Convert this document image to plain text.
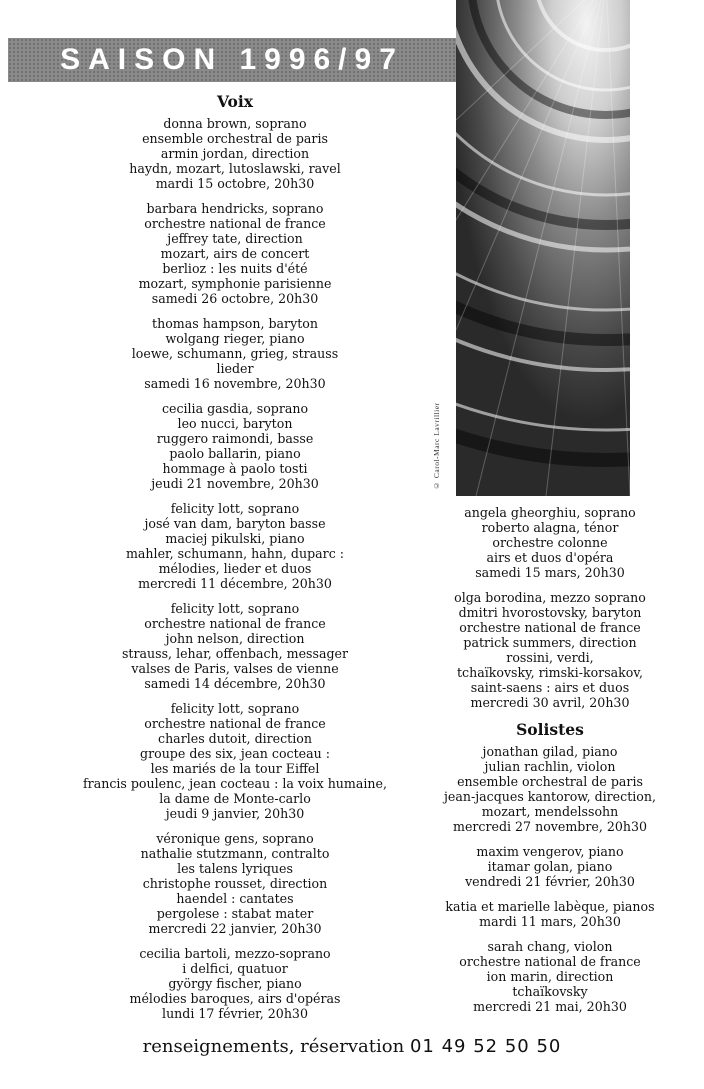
SAISON 1996/97
© Carol-Marc Lavrillier
Voix
donna brown, soprano
ensemble orchestral de paris
armin jordan, direction
haydn, mozart, lutoslawski, ravel
mardi 15 octobre, 20h30
barbara hendricks, soprano
orchestre national de france
jeffrey tate, direction
mozart, airs de concert
berlioz : les nuits d'été
mozart, symphonie parisienne
samedi 26 octobre, 20h30
thomas hampson, baryton
wolgang rieger, piano
loewe, schumann, grieg, strauss
lieder
samedi 16 novembre, 20h30
cecilia gasdia, soprano
leo nucci, baryton
ruggero raimondi, basse
paolo ballarin, piano
hommage à paolo tosti
jeudi 21 novembre, 20h30
felicity lott, soprano
josé van dam, baryton basse
maciej pikulski, piano
mahler, schumann, hahn, duparc :
mélodies, lieder et duos
mercredi 11 décembre, 20h30
felicity lott, soprano
orchestre national de france
john nelson, direction
strauss, lehar, offenbach, messager
valses de Paris, valses de vienne
samedi 14 décembre, 20h30
felicity lott, soprano
orchestre national de france
charles dutoit, direction
groupe des six, jean cocteau :
les mariés de la tour Eiffel
francis poulenc, jean cocteau : la voix humaine,
la dame de Monte-carlo
jeudi 9 janvier, 20h30
véronique gens, soprano
nathalie stutzmann, contralto
les talens lyriques
christophe rousset, direction
haendel : cantates
pergolese : stabat mater
mercredi 22 janvier, 20h30
cecilia bartoli, mezzo-soprano
i delfici, quatuor
györgy fischer, piano
mélodies baroques, airs d'opéras
lundi 17 février, 20h30
angela gheorghiu, soprano
roberto alagna, ténor
orchestre colonne
airs et duos d'opéra
samedi 15 mars, 20h30
olga borodina, mezzo soprano
dmitri hvorostovsky, baryton
orchestre national de france
patrick summers, direction
rossini, verdi,
tchaïkovsky, rimski-korsakov,
saint-saens : airs et duos
mercredi 30 avril, 20h30
Solistes
jonathan gilad, piano
julian rachlin, violon
ensemble orchestral de paris
jean-jacques kantorow, direction,
mozart, mendelssohn
mercredi 27 novembre, 20h30
maxim vengerov, piano
itamar golan, piano
vendredi 21 février, 20h30
katia et marielle labèque, pianos
mardi 11 mars, 20h30
sarah chang, violon
orchestre national de france
ion marin, direction
tchaïkovsky
mercredi 21 mai, 20h30
renseignements, réservation 01 49 52 50 50
